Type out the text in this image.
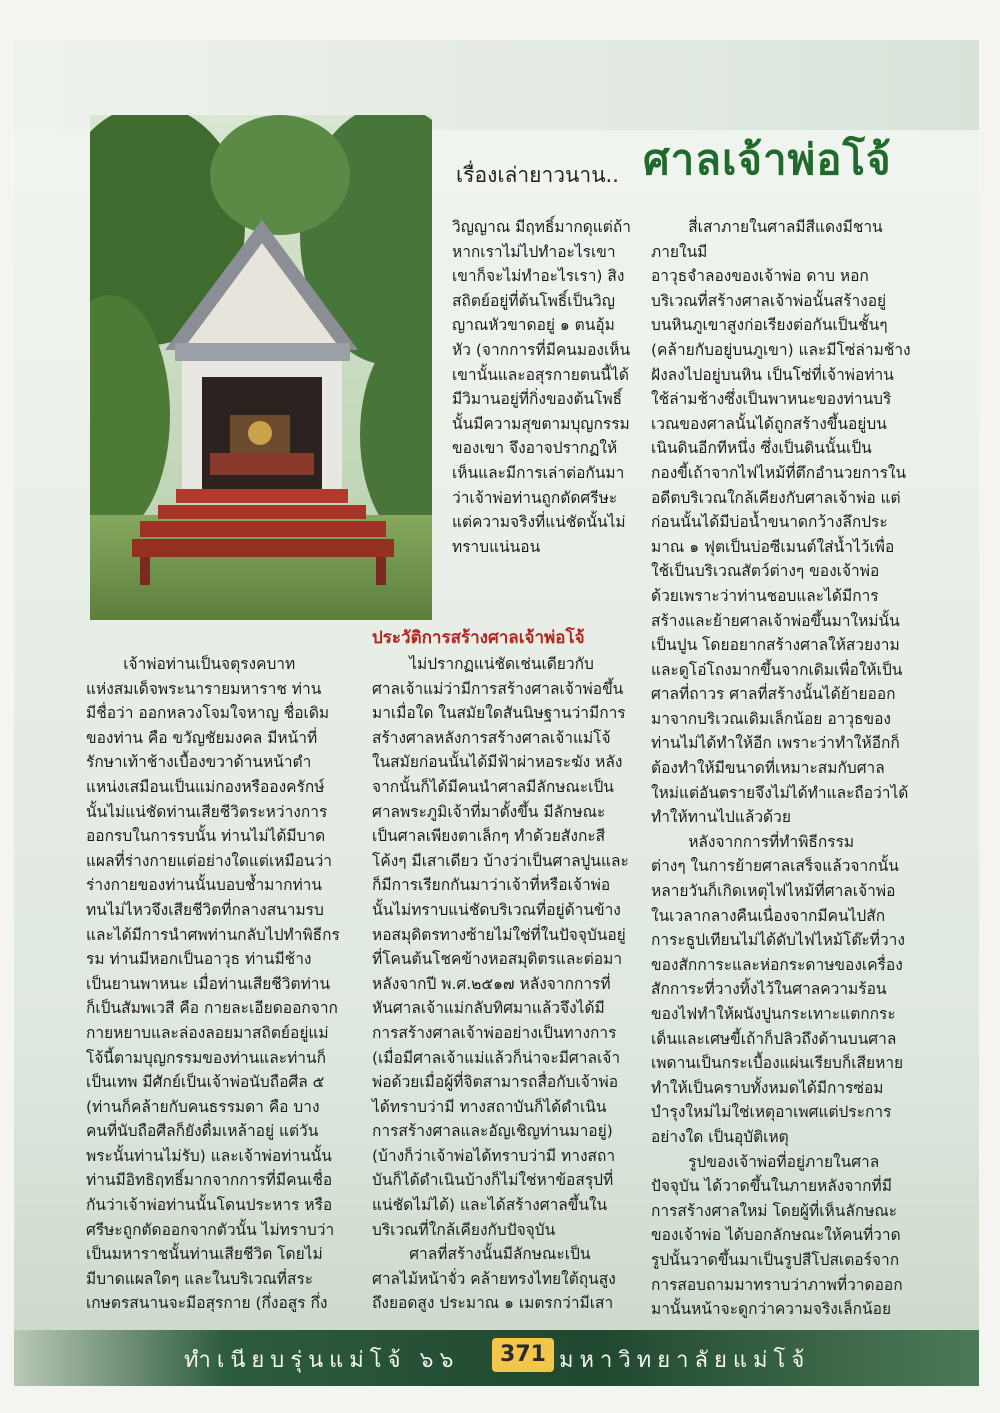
เรื่องเล่ายาวนาน.. ศาลเจ้าพ่อโจ้

วิญญาณ มีฤทธิ์มากดุแต่ถ้า

หากเราไม่ไปทำอะไรเขา

เขาก็จะไม่ทำอะไรเรา) สิง

สถิตย์อยู่ที่ต้นโพธิ์เป็นวิญ

ญาณหัวขาดอยู่ ๑ ตนอุ้ม

หัว (จากการที่มีคนมองเห็น

เขานั้นและอสุรกายตนนี้ได้

มีวิมานอยู่ที่กิ่งของต้นโพธิ์

นั้นมีความสุขตามบุญกรรม

ของเขา จึงอาจปรากฏให้

เห็นและมีการเล่าต่อกันมา

ว่าเจ้าพ่อท่านถูกตัดศรีษะ

แต่ความจริงที่แน่ชัดนั้นไม่

ทราบแน่นอน

ประวัติการสร้างศาลเจ้าพ่อโจ้

เจ้าพ่อท่านเป็นจตุรงคบาท

แห่งสมเด็จพระนารายมหาราช ท่าน

มีชื่อว่า ออกหลวงโจมใจหาญ ชื่อเดิม

ของท่าน คือ ขวัญชัยมงคล มีหน้าที่

รักษาเท้าช้างเบื้องขวาด้านหน้าตำ

แหน่งเสมือนเป็นแม่กองหรือองครักษ์

นั้นไม่แน่ชัดท่านเสียชีวิตระหว่างการ

ออกรบในการรบนั้น ท่านไม่ได้มีบาด

แผลที่ร่างกายแต่อย่างใดแต่เหมือนว่า

ร่างกายของท่านนั้นบอบช้ำมากท่าน

ทนไม่ไหวจึงเสียชีวิตที่กลางสนามรบ

และได้มีการนำศพท่านกลับไปทำพิธีกร

รม ท่านมีหอกเป็นอาวุธ ท่านมีช้าง

เป็นยานพาหนะ เมื่อท่านเสียชีวิตท่าน

ก็เป็นสัมพเวสี คือ กายละเอียดออกจาก

กายหยาบและล่องลอยมาสถิตย์อยู่แม่

โจ้นี้ตามบุญกรรมของท่านและท่านก็

เป็นเทพ มีศักย์เป็นเจ้าพ่อนับถือศีล ๕

(ท่านก็คล้ายกับคนธรรมดา คือ บาง

คนที่นับถือศีลก็ยังดื่มเหล้าอยู่ แต่วัน

พระนั้นท่านไม่รับ) และเจ้าพ่อท่านนั้น

ท่านมีอิทธิฤทธิ์มากจากการที่มีคนเชื่อ

กันว่าเจ้าพ่อท่านนั้นโดนประหาร หรือ

ศรีษะถูกตัดออกจากตัวนั้น ไม่ทราบว่า

เป็นมหาราชนั้นท่านเสียชีวิต โดยไม่

มีบาดแผลใดๆ และในบริเวณที่สระ

เกษตรสนานจะมีอสุรกาย (กึ่งอสูร กึ่ง

ไม่ปรากฏแน่ชัดเช่นเดียวกับ

ศาลเจ้าแม่ว่ามีการสร้างศาลเจ้าพ่อขึ้น

มาเมื่อใด ในสมัยใดสันนิษฐานว่ามีการ

สร้างศาลหลังการสร้างศาลเจ้าแม่โจ้

ในสมัยก่อนนั้นได้มีฟ้าผ่าหอระฆัง หลัง

จากนั้นก็ได้มีคนนำศาลมีลักษณะเป็น

ศาลพระภูมิเจ้าที่มาตั้งขึ้น มีลักษณะ

เป็นศาลเพียงตาเล็กๆ ทำด้วยสังกะสี

โค้งๆ มีเสาเดียว บ้างว่าเป็นศาลปูนและ

ก็มีการเรียกกันมาว่าเจ้าที่หรือเจ้าพ่อ

นั้นไม่ทราบแน่ชัดบริเวณที่อยู่ด้านข้าง

หอสมุดิตรทางซ้ายไม่ใช่ที่ในปัจจุบันอยู่

ที่โคนต้นโชคข้างหอสมุดิตรและต่อมา

หลังจากปี พ.ศ.๒๕๑๗ หลังจากการที่

หันศาลเจ้าแม่กลับทิศมาแล้วจึงได้มี

การสร้างศาลเจ้าพ่ออย่างเป็นทางการ

(เมื่อมีศาลเจ้าแม่แล้วก็น่าจะมีศาลเจ้า

พ่อด้วยเมื่อผู้ที่จิตสามารถสื่อกับเจ้าพ่อ

ได้ทราบว่ามี ทางสถาบันก็ได้ดำเนิน

การสร้างศาลและอัญเชิญท่านมาอยู่)

(บ้างก็ว่าเจ้าพ่อได้ทราบว่ามี ทางสถา

บันก็ได้ดำเนินบ้างก็ไม่ใช่หาข้อสรุปที่

แน่ชัดไม่ได้) และได้สร้างศาลขึ้นใน

บริเวณที่ใกล้เคียงกับปัจจุบัน

ศาลที่สร้างนั้นมีลักษณะเป็น

ศาลไม้หน้าจั่ว คล้ายทรงไทยใต้ถุนสูง

ถึงยอดสูง ประมาณ ๑ เมตรกว่ามีเสา

สี่เสาภายในศาลมีสีแดงมีชานภายในมี

อาวุธจำลองของเจ้าพ่อ ดาบ หอก

บริเวณที่สร้างศาลเจ้าพ่อนั้นสร้างอยู่

บนหินภูเขาสูงก่อเรียงต่อกันเป็นชั้นๆ

(คล้ายกับอยู่บนภูเขา) และมีโซ่ล่ามช้าง

ฝังลงไปอยู่บนหิน เป็นโซ่ที่เจ้าพ่อท่าน

ใช้ล่ามช้างซึ่งเป็นพาหนะของท่านบริ

เวณของศาลนั้นได้ถูกสร้างขึ้นอยู่บน

เนินดินอีกทีหนึ่ง ซึ่งเป็นดินนั้นเป็น

กองขี้เถ้าจากไฟไหม้ที่ตึกอำนวยการใน

อดีตบริเวณใกล้เคียงกับศาลเจ้าพ่อ แต่

ก่อนนั้นได้มีบ่อน้ำขนาดกว้างลึกประ

มาณ ๑ ฟุตเป็นบ่อซีเมนต์ใส่น้ำไว้เพื่อ

ใช้เป็นบริเวณสัตว์ต่างๆ ของเจ้าพ่อ

ด้วยเพราะว่าท่านชอบและได้มีการ

สร้างและย้ายศาลเจ้าพ่อขึ้นมาใหม่นั้น

เป็นปูน โดยอยากสร้างศาลให้สวยงาม

และดูโอ่โถงมากขึ้นจากเดิมเพื่อให้เป็น

ศาลที่ถาวร ศาลที่สร้างนั้นได้ย้ายออก

มาจากบริเวณเดิมเล็กน้อย อาวุธของ

ท่านไม่ได้ทำให้อีก เพราะว่าทำให้อีกก็

ต้องทำให้มีขนาดที่เหมาะสมกับศาล

ใหม่แต่อันตรายจึงไม่ได้ทำและถือว่าได้

ทำให้ทานไปแล้วด้วย

หลังจากการที่ทำพิธีกรรม

ต่างๆ ในการย้ายศาลเสร็จแล้วจากนั้น

หลายวันก็เกิดเหตุไฟไหม้ที่ศาลเจ้าพ่อ

ในเวลากลางคืนเนื่องจากมีคนไปสัก

การะธูปเทียนไม่ได้ดับไฟไหม้โต๊ะที่วาง

ของสักการะและห่อกระดาษของเครื่อง

สักการะที่วางทิ้งไว้ในศาลความร้อน

ของไฟทำให้ผนังปูนกระเทาะแตกกระ

เด็นและเศษขี้เถ้าก็ปลิวถึงด้านบนศาล

เพดานเป็นกระเบื้องแผ่นเรียบก็เสียหาย

ทำให้เป็นคราบทั้งหมดได้มีการซ่อม

บำรุงใหม่ไม่ใช่เหตุอาเพศแต่ประการ

อย่างใด เป็นอุบัติเหตุ

รูปของเจ้าพ่อที่อยู่ภายในศาล

ปัจจุบัน ได้วาดขึ้นในภายหลังจากที่มี

การสร้างศาลใหม่ โดยผู้ที่เห็นลักษณะ

ของเจ้าพ่อ ได้บอกลักษณะให้คนที่วาด

รูปนั้นวาดขึ้นมาเป็นรูปสีโปสเตอร์จาก

การสอบถามมาทราบว่าภาพที่วาดออก

มานั้นหน้าจะดูกว่าความจริงเล็กน้อย

ทำเนียบรุ่นแม่โจ้ ๖๖	371 มหาวิทยาลัยแม่โจ้
